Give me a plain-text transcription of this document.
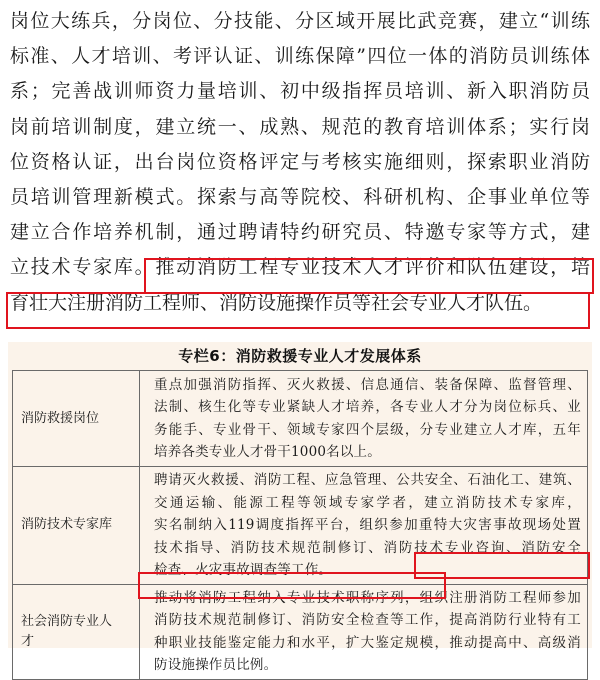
岗位大练兵，分岗位、分技能、分区域开展比武竞赛，建立“训练
标准、人才培训、考评认证、训练保障”四位一体的消防员训练体
系；完善战训师资力量培训、初中级指挥员培训、新入职消防员
岗前培训制度，建立统一、成熟、规范的教育培训体系；实行岗
位资格认证，出台岗位资格评定与考核实施细则，探索职业消防
员培训管理新模式。探索与高等院校、科研机构、企事业单位等
建立合作培养机制，通过聘请特约研究员、特邀专家等方式，建
立技术专家库。推动消防工程专业技术人才评价和队伍建设，培
育壮大注册消防工程师、消防设施操作员等社会专业人才队伍。
专栏6：消防救援专业人才发展体系
消防救援岗位	重点加强消防指挥、灭火救援、信息通信、装备保障、监督管理、
法制、核生化等专业紧缺人才培养，各专业人才分为岗位标兵、业
务能手、专业骨干、领域专家四个层级，分专业建立人才库，五年
培养各类专业人才骨干1000名以上。

消防技术专家库	聘请灭火救援、消防工程、应急管理、公共安全、石油化工、建筑、
交通运输、能源工程等领域专家学者，建立消防技术专家库，
实名制纳入119调度指挥平台，组织参加重特大灾害事故现场处置
技术指导、消防技术规范制修订、消防技术专业咨询、消防安全
检查、火灾事故调查等工作。

社会消防专业人
才	推动将消防工程纳入专业技术职称序列，组织注册消防工程师参加
消防技术规范制修订、消防安全检查等工作，提高消防行业特有工
种职业技能鉴定能力和水平，扩大鉴定规模，推动提高中、高级消
防设施操作员比例。
